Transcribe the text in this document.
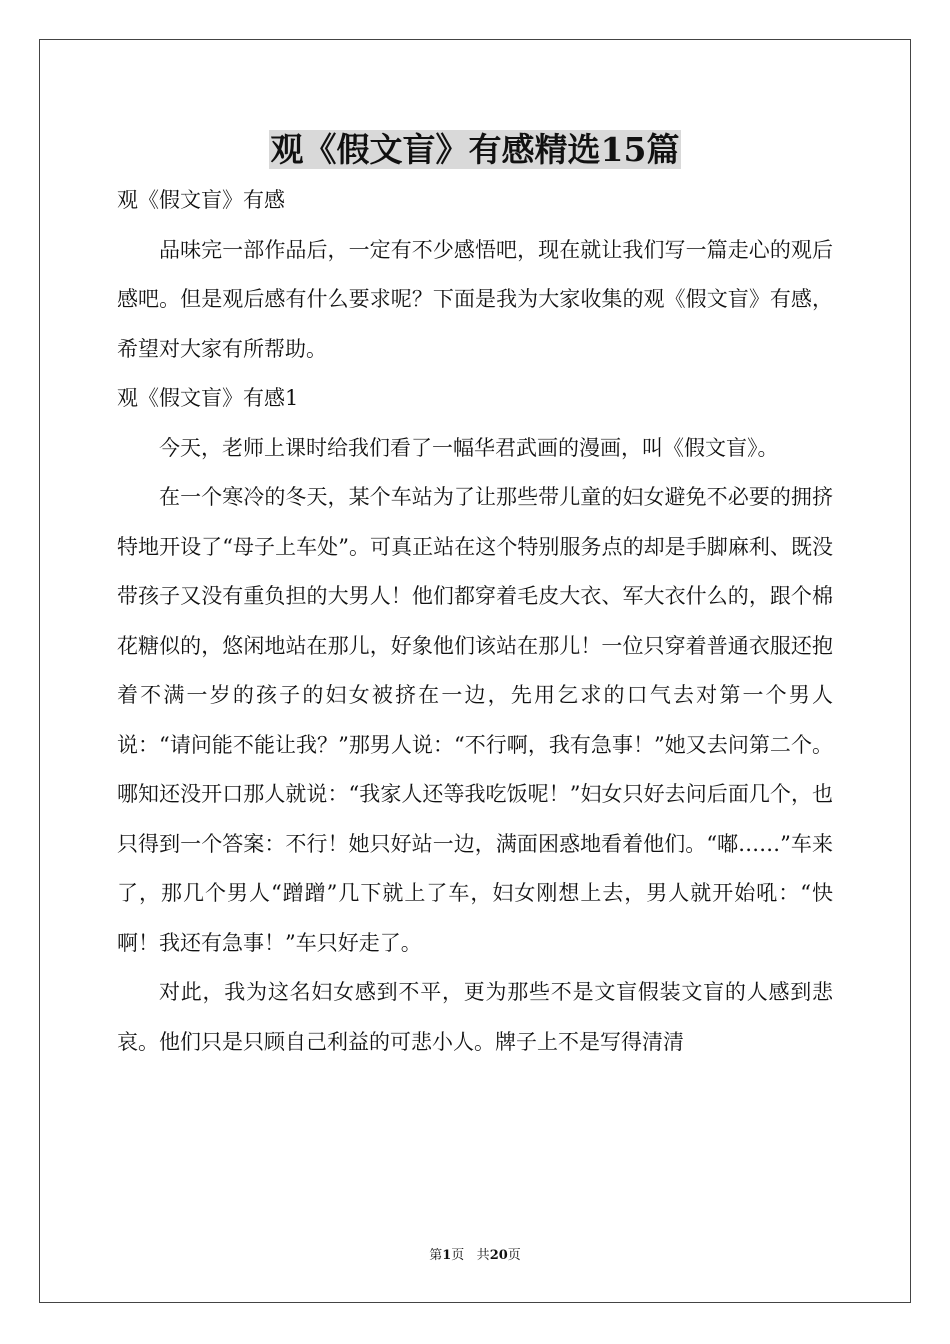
观《假文盲》有感精选15篇

观《假文盲》有感

品味完一部作品后，一定有不少感悟吧，现在就让我们写一篇走心的观后感吧。但是观后感有什么要求呢？下面是我为大家收集的观《假文盲》有感，希望对大家有所帮助。

观《假文盲》有感1

今天，老师上课时给我们看了一幅华君武画的漫画，叫《假文盲》。

在一个寒冷的冬天，某个车站为了让那些带儿童的妇女避免不必要的拥挤特地开设了“母子上车处”。可真正站在这个特别服务点的却是手脚麻利、既没带孩子又没有重负担的大男人！他们都穿着毛皮大衣、军大衣什么的，跟个棉花糖似的，悠闲地站在那儿，好象他们该站在那儿！一位只穿着普通衣服还抱着不满一岁的孩子的妇女被挤在一边，先用乞求的口气去对第一个男人说：“请问能不能让我？”那男人说：“不行啊，我有急事！”她又去问第二个。哪知还没开口那人就说：“我家人还等我吃饭呢！”妇女只好去问后面几个，也只得到一个答案：不行！她只好站一边，满面困惑地看着他们。“嘟……”车来了，那几个男人“蹭蹭”几下就上了车，妇女刚想上去，男人就开始吼：“快啊！我还有急事！”车只好走了。

对此，我为这名妇女感到不平，更为那些不是文盲假装文盲的人感到悲哀。他们只是只顾自己利益的可悲小人。牌子上不是写得清清

第1页 共20页
